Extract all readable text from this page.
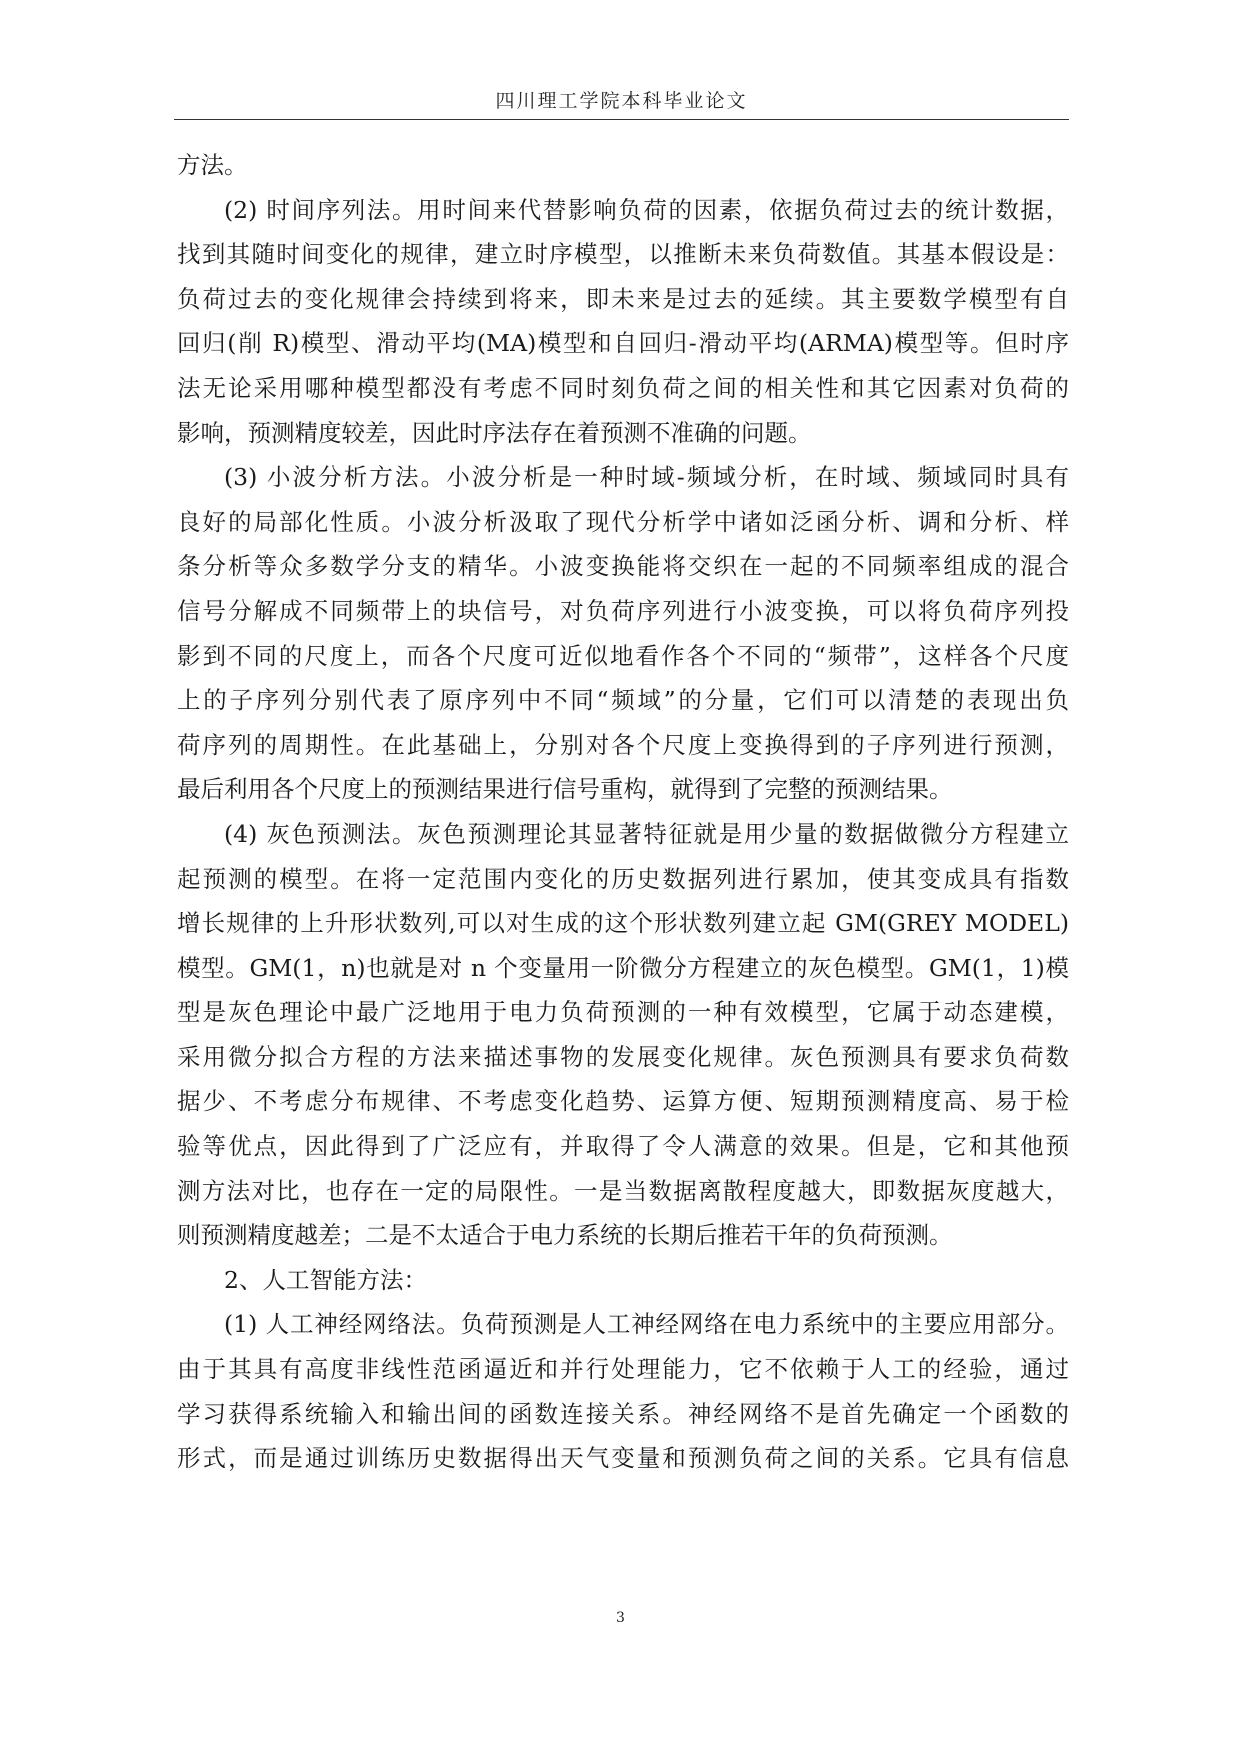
四川理工学院本科毕业论文

方法。

(2) 时间序列法。用时间来代替影响负荷的因素，依据负荷过去的统计数据，
找到其随时间变化的规律，建立时序模型，以推断未来负荷数值。其基本假设是：
负荷过去的变化规律会持续到将来，即未来是过去的延续。其主要数学模型有自
回归(削 R)模型、滑动平均(MA)模型和自回归-滑动平均(ARMA)模型等。但时序
法无论采用哪种模型都没有考虑不同时刻负荷之间的相关性和其它因素对负荷的
影响，预测精度较差，因此时序法存在着预测不准确的问题。

(3) 小波分析方法。小波分析是一种时域-频域分析，在时域、频域同时具有
良好的局部化性质。小波分析汲取了现代分析学中诸如泛函分析、调和分析、样
条分析等众多数学分支的精华。小波变换能将交织在一起的不同频率组成的混合
信号分解成不同频带上的块信号，对负荷序列进行小波变换，可以将负荷序列投
影到不同的尺度上，而各个尺度可近似地看作各个不同的“频带”，这样各个尺度
上的子序列分别代表了原序列中不同“频域”的分量，它们可以清楚的表现出负
荷序列的周期性。在此基础上，分别对各个尺度上变换得到的子序列进行预测，
最后利用各个尺度上的预测结果进行信号重构，就得到了完整的预测结果。

(4) 灰色预测法。灰色预测理论其显著特征就是用少量的数据做微分方程建立
起预测的模型。在将一定范围内变化的历史数据列进行累加，使其变成具有指数
增长规律的上升形状数列,可以对生成的这个形状数列建立起 GM(GREY MODEL)
模型。GM(1，n)也就是对 n 个变量用一阶微分方程建立的灰色模型。GM(1，1)模
型是灰色理论中最广泛地用于电力负荷预测的一种有效模型，它属于动态建模，
采用微分拟合方程的方法来描述事物的发展变化规律。灰色预测具有要求负荷数
据少、不考虑分布规律、不考虑变化趋势、运算方便、短期预测精度高、易于检
验等优点，因此得到了广泛应有，并取得了令人满意的效果。但是，它和其他预
测方法对比，也存在一定的局限性。一是当数据离散程度越大，即数据灰度越大，
则预测精度越差；二是不太适合于电力系统的长期后推若干年的负荷预测。

2、人工智能方法：

(1) 人工神经网络法。负荷预测是人工神经网络在电力系统中的主要应用部分。
由于其具有高度非线性范函逼近和并行处理能力，它不依赖于人工的经验，通过
学习获得系统输入和输出间的函数连接关系。神经网络不是首先确定一个函数的
形式，而是通过训练历史数据得出天气变量和预测负荷之间的关系。它具有信息

3
